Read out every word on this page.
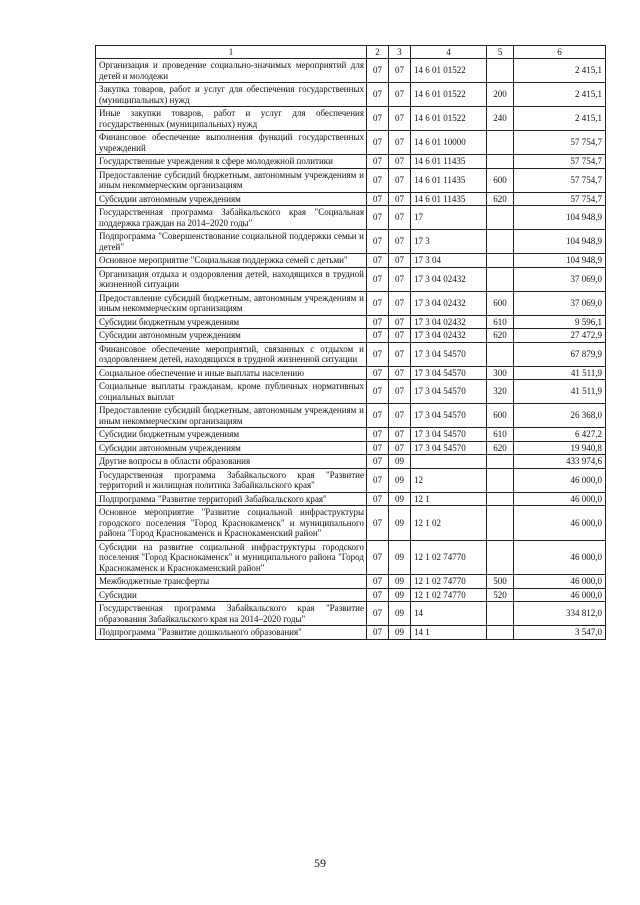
1	2	3	4	5	6
Организация и проведение социально-значимых мероприятий для детей и молодежи	07	07	14 6 01 01522		2 415,1
Закупка товаров, работ и услуг для обеспечения государственных (муниципальных) нужд	07	07	14 6 01 01522	200	2 415,1
Иные закупки товаров, работ и услуг для обеспечения государственных (муниципальных) нужд	07	07	14 6 01 01522	240	2 415,1
Финансовое обеспечение выполнения функций государственных учреждений	07	07	14 6 01 10000		57 754,7
Государственные учреждения в сфере молодежной политики	07	07	14 6 01 11435		57 754,7
Предоставление субсидий бюджетным, автономным учреждениям и иным некоммерческим организациям	07	07	14 6 01 11435	600	57 754,7
Субсидии автономным учреждениям	07	07	14 6 01 11435	620	57 754,7
Государственная программа Забайкальского края "Социальная поддержка граждан на 2014–2020 годы"	07	07	17		104 948,9
Подпрограмма "Совершенствование социальной поддержки семьи и детей"	07	07	17 3		104 948,9
Основное мероприятие "Социальная поддержка семей с детьми"	07	07	17 3 04		104 948,9
Организация отдыха и оздоровления детей, находящихся в трудной жизненной ситуации	07	07	17 3 04 02432		37 069,0
Предоставление субсидий бюджетным, автономным учреждениям и иным некоммерческим организациям	07	07	17 3 04 02432	600	37 069,0
Субсидии бюджетным учреждениям	07	07	17 3 04 02432	610	9 596,1
Субсидии автономным учреждениям	07	07	17 3 04 02432	620	27 472,9
Финансовое обеспечение мероприятий, связанных с отдыхом и оздоровлением детей, находящихся в трудной жизненной ситуации	07	07	17 3 04 54570		67 879,9
Социальное обеспечение и иные выплаты населению	07	07	17 3 04 54570	300	41 511,9
Социальные выплаты гражданам, кроме публичных нормативных социальных выплат	07	07	17 3 04 54570	320	41 511,9
Предоставление субсидий бюджетным, автономным учреждениям и иным некоммерческим организациям	07	07	17 3 04 54570	600	26 368,0
Субсидии бюджетным учреждениям	07	07	17 3 04 54570	610	6 427,2
Субсидии автономным учреждениям	07	07	17 3 04 54570	620	19 940,8
Другие вопросы в области образования	07	09			433 974,6
Государственная программа Забайкальского края "Развитие территорий и жилищная политика Забайкальского края"	07	09	12		46 000,0
Подпрограмма "Развитие территорий Забайкальского края"	07	09	12 1		46 000,0
Основное мероприятие "Развитие социальной инфраструктуры городского поселения "Город Краснокаменск" и муниципального района "Город Краснокаменск и Краснокаменский район"	07	09	12 1 02		46 000,0
Субсидии на развитие социальной инфраструктуры городского поселения "Город Краснокаменск" и муниципального района "Город Краснокаменск и Краснокаменский район"	07	09	12 1 02 74770		46 000,0
Межбюджетные трансферты	07	09	12 1 02 74770	500	46 000,0
Субсидии	07	09	12 1 02 74770	520	46 000,0
Государственная программа Забайкальского края "Развитие образования Забайкальского края на 2014–2020 годы"	07	09	14		334 812,0
Подпрограмма "Развитие дошкольного образования"	07	09	14 1		3 547,0
59
